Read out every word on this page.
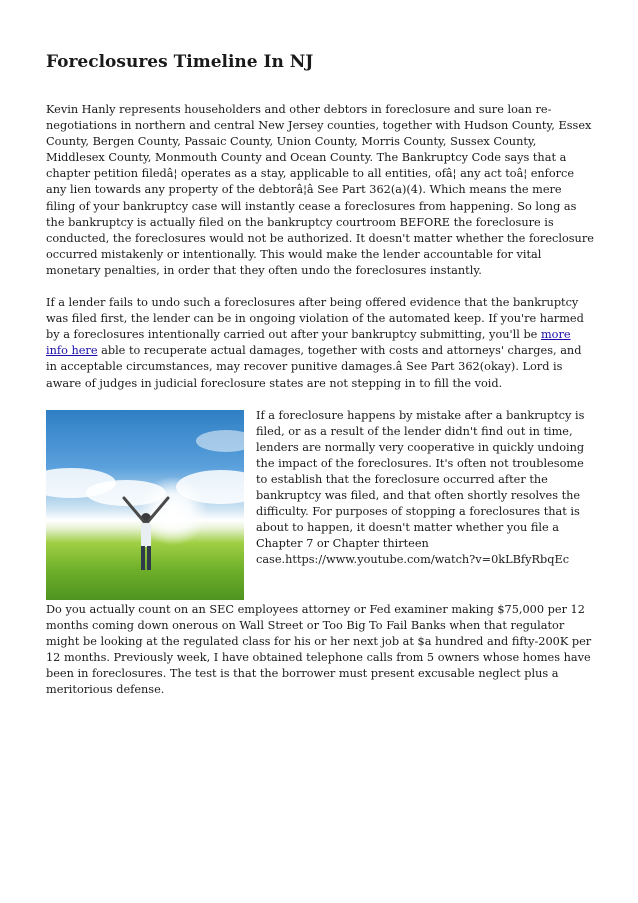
Foreclosures Timeline In NJ

Kevin Hanly represents householders and other debtors in foreclosure and sure loan re-negotiations in northern and central New Jersey counties, together with Hudson County, Essex County, Bergen County, Passaic County, Union County, Morris County, Sussex County, Middlesex County, Monmouth County and Ocean County. The Bankruptcy Code says that a chapter petition filedâ¦ operates as a stay, applicable to all entities, ofâ¦ any act toâ¦ enforce any lien towards any property of the debtorâ¦â See Part 362(a)(4). Which means the mere filing of your bankruptcy case will instantly cease a foreclosures from happening. So long as the bankruptcy is actually filed on the bankruptcy courtroom BEFORE the foreclosure is conducted, the foreclosures would not be authorized. It doesn't matter whether the foreclosure occurred mistakenly or intentionally. This would make the lender accountable for vital monetary penalties, in order that they often undo the foreclosures instantly.

If a lender fails to undo such a foreclosures after being offered evidence that the bankruptcy was filed first, the lender can be in ongoing violation of the automated keep. If you're harmed by a foreclosures intentionally carried out after your bankruptcy submitting, you'll be more info here able to recuperate actual damages, together with costs and attorneys' charges, and in acceptable circumstances, may recover punitive damages.â See Part 362(okay). Lord is aware of judges in judicial foreclosure states are not stepping in to fill the void.

If a foreclosure happens by mistake after a bankruptcy is filed, or as a result of the lender didn't find out in time, lenders are normally very cooperative in quickly undoing the impact of the foreclosures. It's often not troublesome to establish that the foreclosure occurred after the bankruptcy was filed, and that often shortly resolves the difficulty. For purposes of stopping a foreclosures that is about to happen, it doesn't matter whether you file a Chapter 7 or Chapter thirteen case.https://www.youtube.com/watch?v=0kLBfyRbqEc

Do you actually count on an SEC employees attorney or Fed examiner making $75,000 per 12 months coming down onerous on Wall Street or Too Big To Fail Banks when that regulator might be looking at the regulated class for his or her next job at $a hundred and fifty-200K per 12 months. Previously week, I have obtained telephone calls from 5 owners whose homes have been in foreclosures. The test is that the borrower must present excusable neglect plus a meritorious defense.
